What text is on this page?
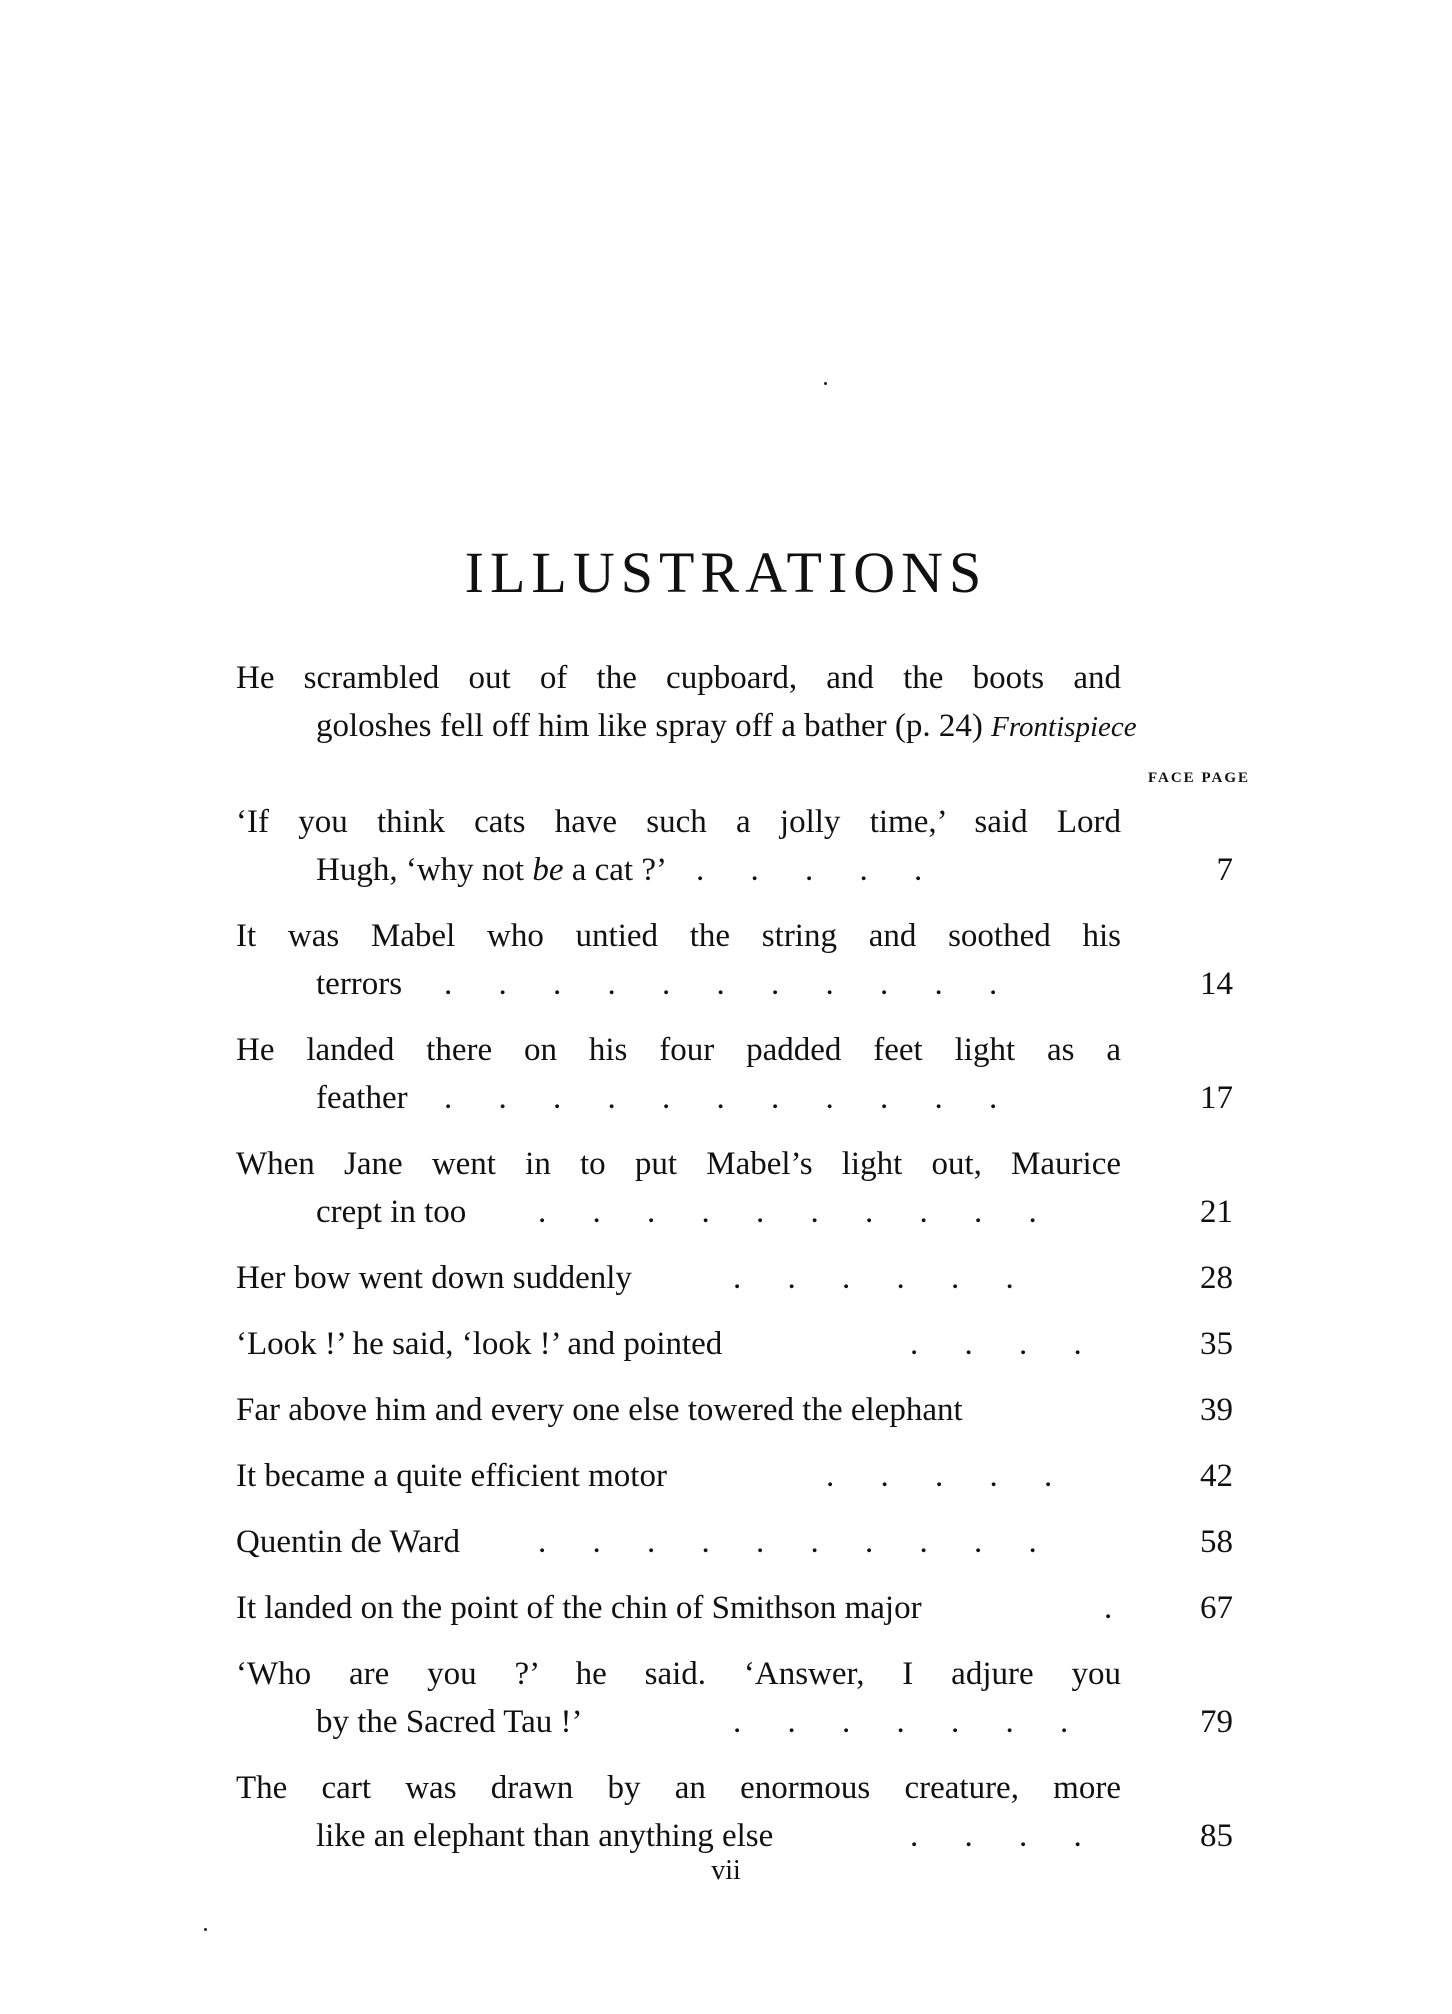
ILLUSTRATIONS
He scrambled out of the cupboard, and the boots and
goloshes fell off him like spray off a bather (p. 24) Frontispiece
FACE PAGE
‘If you think cats have such a jolly time,’ said Lord
Hugh, ‘why not be a cat ?’ . . . . .	7
It was Mabel who untied the string and soothed his
terrors . . . . . . . . . . .	14
He landed there on his four padded feet light as a
feather . . . . . . . . . . .	17
When Jane went in to put Mabel’s light out, Maurice
crept in too . . . . . . . . . .	21
Her bow went down suddenly	. . . . . .	28
‘Look !’ he said, ‘look !’ and pointed	. . . .	35
Far above him and every one else towered the elephant	39
It became a quite efficient motor	. . . . .	42
Quentin de Ward . . . . . . . . . .	58
It landed on the point of the chin of Smithson major	.	67
‘Who are you ?’ he said. ‘Answer, I adjure you
by the Sacred Tau !’	. . . . . . .	79
The cart was drawn by an enormous creature, more
like an elephant than anything else	. . . .	85
vii
